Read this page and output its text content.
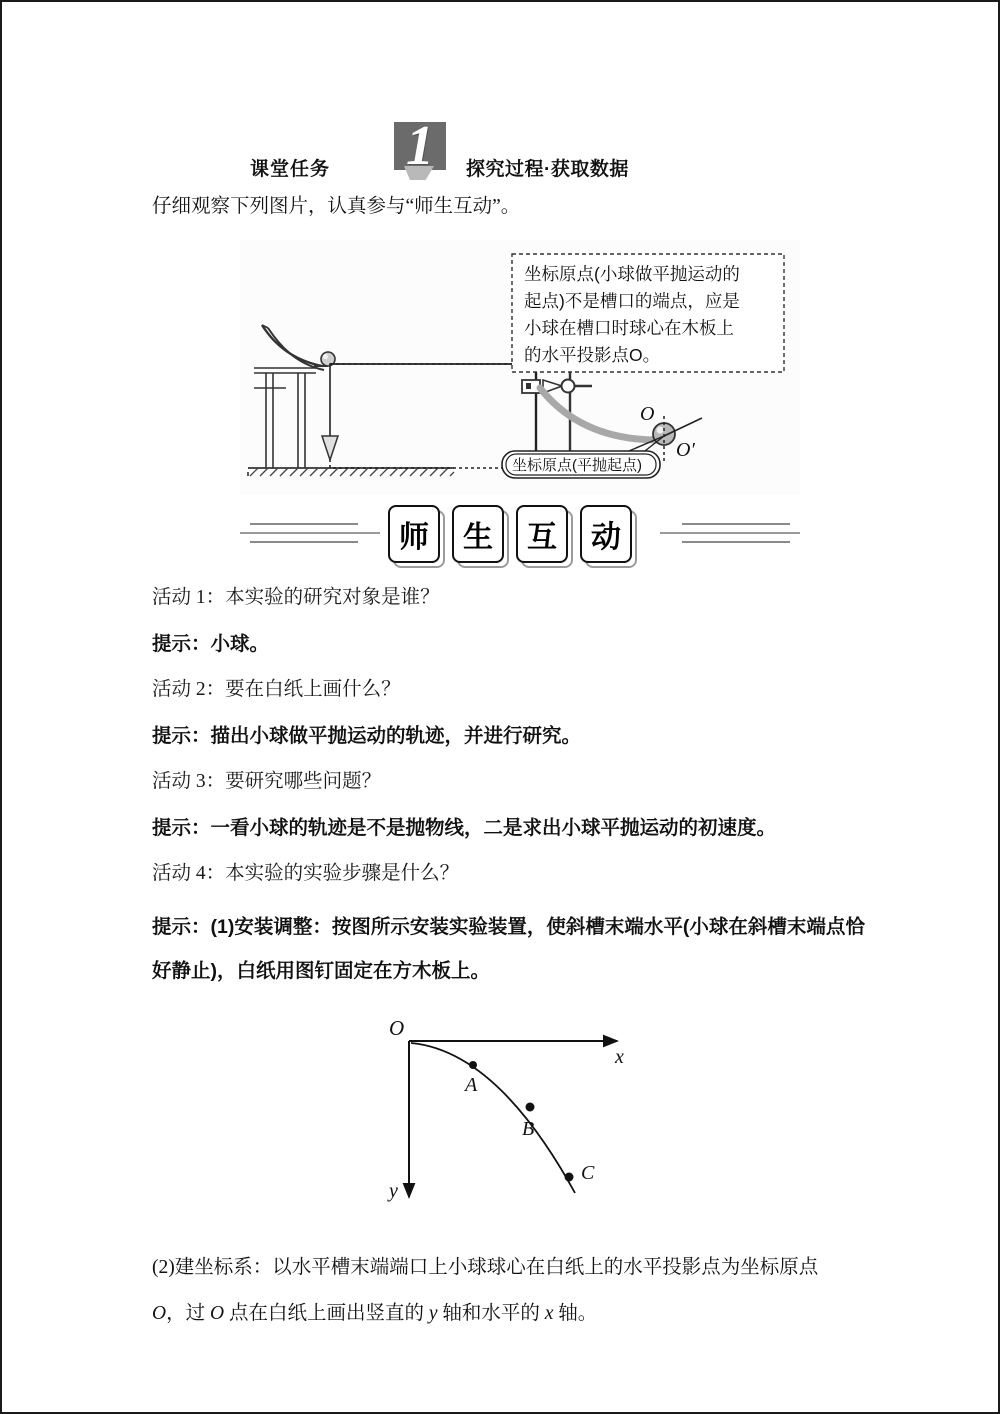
课堂任务 1	探究过程·获取数据
仔细观察下列图片，认真参与“师生互动”。
坐标原点(小球做平抛运动的
起点)不是槽口的端点，应是
小球在槽口时球心在木板上
的水平投影点O。
O
O′
坐标原点(平抛起点)
师	生	互	动
活动 1：本实验的研究对象是谁？
提示：小球。
活动 2：要在白纸上画什么？
提示：描出小球做平抛运动的轨迹，并进行研究。
活动 3：要研究哪些问题？
提示：一看小球的轨迹是不是抛物线，二是求出小球平抛运动的初速度。
活动 4：本实验的实验步骤是什么？
提示：(1)安装调整：按图所示安装实验装置，使斜槽末端水平(小球在斜槽末端点恰好静止)，白纸用图钉固定在方木板上。
O
x
y
A
B
C
(2)建坐标系：以水平槽末端端口上小球球心在白纸上的水平投影点为坐标原点
O，过 O 点在白纸上画出竖直的 y 轴和水平的 x 轴。
